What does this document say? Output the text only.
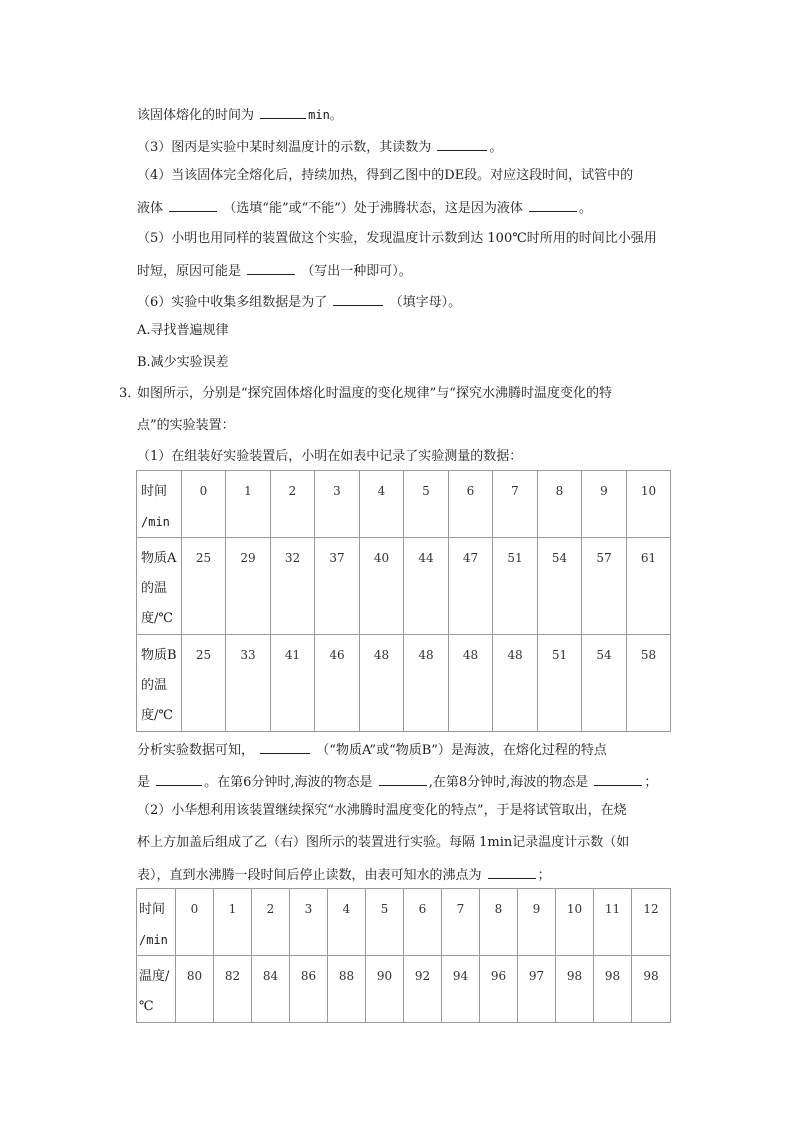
该固体熔化的时间为	min。
（3）图丙是实验中某时刻温度计的示数，其读数为	。
（4）当该固体完全熔化后，持续加热，得到乙图中的DE段。对应这段时间，试管中的
液体	（选填“能”或“不能”）处于沸腾状态，这是因为液体	。
（5）小明也用同样的装置做这个实验，发现温度计示数到达 100℃时所用的时间比小强用
时短，原因可能是	（写出一种即可）。
（6）实验中收集多组数据是为了	（填字母）。
A.寻找普遍规律
B.减少实验误差
3．
如图所示，分别是“探究固体熔化时温度的变化规律”与“探究水沸腾时温度变化的特
点”的实验装置：
（1）在组装好实验装置后，小明在如表中记录了实验测量的数据：
时间
/min	0	1	2	3	4	5	6	7	8	9	10

物质A
的温
度/℃	25	29	32	37	40	44	47	51	54	57	61

物质B
的温
度/℃	25	33	41	46	48	48	48	48	51	54	58
分析实验数据可知，	（“物质A”或“物质B”）是海波，在熔化过程的特点
是	。在第6分钟时,海波的物态是	,在第8分钟时,海波的物态是	；
（2）小华想利用该装置继续探究“水沸腾时温度变化的特点”，于是将试管取出，在烧
杯上方加盖后组成了乙（右）图所示的装置进行实验。每隔 1min记录温度计示数（如
表），直到水沸腾一段时间后停止读数，由表可知水的沸点为	；
时间
/min	0	1	2	3	4	5	6	7	8	9	10	11	12

温度/
℃	80	82	84	86	88	90	92	94	96	97	98	98	98
